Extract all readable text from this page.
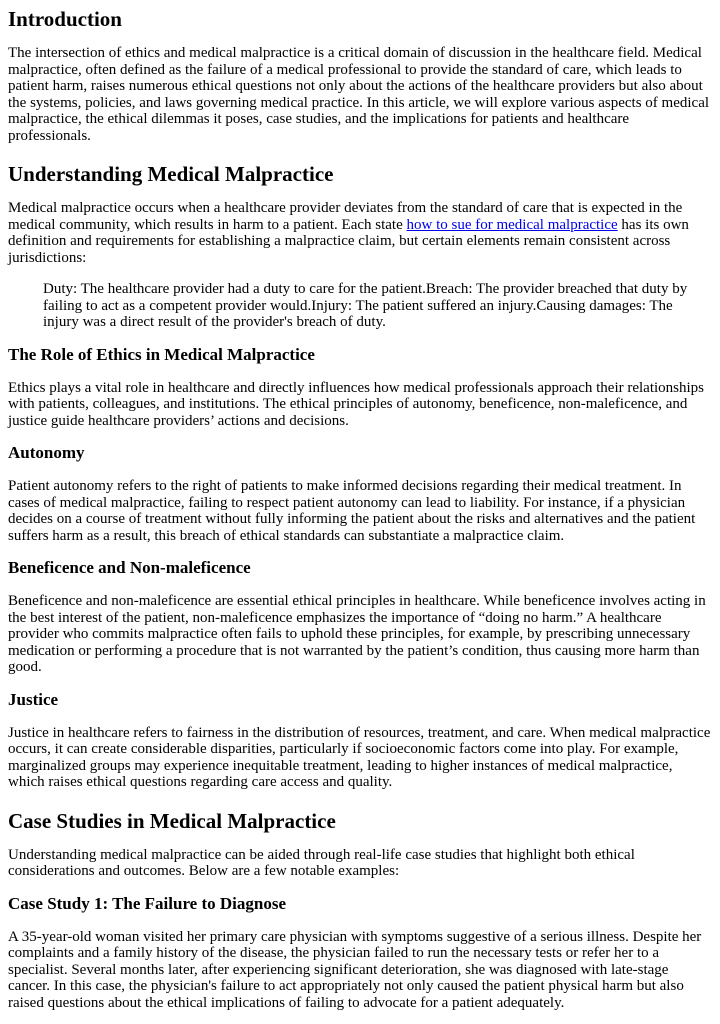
Introduction

The intersection of ethics and medical malpractice is a critical domain of discussion in the healthcare field. Medical malpractice, often defined as the failure of a medical professional to provide the standard of care, which leads to patient harm, raises numerous ethical questions not only about the actions of the healthcare providers but also about the systems, policies, and laws governing medical practice. In this article, we will explore various aspects of medical malpractice, the ethical dilemmas it poses, case studies, and the implications for patients and healthcare professionals.

Understanding Medical Malpractice

Medical malpractice occurs when a healthcare provider deviates from the standard of care that is expected in the medical community, which results in harm to a patient. Each state how to sue for medical malpractice has its own definition and requirements for establishing a malpractice claim, but certain elements remain consistent across jurisdictions:

Duty: The healthcare provider had a duty to care for the patient.Breach: The provider breached that duty by failing to act as a competent provider would.Injury: The patient suffered an injury.Causing damages: The injury was a direct result of the provider's breach of duty.
The Role of Ethics in Medical Malpractice

Ethics plays a vital role in healthcare and directly influences how medical professionals approach their relationships with patients, colleagues, and institutions. The ethical principles of autonomy, beneficence, non-maleficence, and justice guide healthcare providers’ actions and decisions.

Autonomy

Patient autonomy refers to the right of patients to make informed decisions regarding their medical treatment. In cases of medical malpractice, failing to respect patient autonomy can lead to liability. For instance, if a physician decides on a course of treatment without fully informing the patient about the risks and alternatives and the patient suffers harm as a result, this breach of ethical standards can substantiate a malpractice claim.

Beneficence and Non-maleficence

Beneficence and non-maleficence are essential ethical principles in healthcare. While beneficence involves acting in the best interest of the patient, non-maleficence emphasizes the importance of “doing no harm.” A healthcare provider who commits malpractice often fails to uphold these principles, for example, by prescribing unnecessary medication or performing a procedure that is not warranted by the patient’s condition, thus causing more harm than good.

Justice

Justice in healthcare refers to fairness in the distribution of resources, treatment, and care. When medical malpractice occurs, it can create considerable disparities, particularly if socioeconomic factors come into play. For example, marginalized groups may experience inequitable treatment, leading to higher instances of medical malpractice, which raises ethical questions regarding care access and quality.

Case Studies in Medical Malpractice

Understanding medical malpractice can be aided through real-life case studies that highlight both ethical considerations and outcomes. Below are a few notable examples:

Case Study 1: The Failure to Diagnose

A 35-year-old woman visited her primary care physician with symptoms suggestive of a serious illness. Despite her complaints and a family history of the disease, the physician failed to run the necessary tests or refer her to a specialist. Several months later, after experiencing significant deterioration, she was diagnosed with late-stage cancer. In this case, the physician's failure to act appropriately not only caused the patient physical harm but also raised questions about the ethical implications of failing to advocate for a patient adequately.
